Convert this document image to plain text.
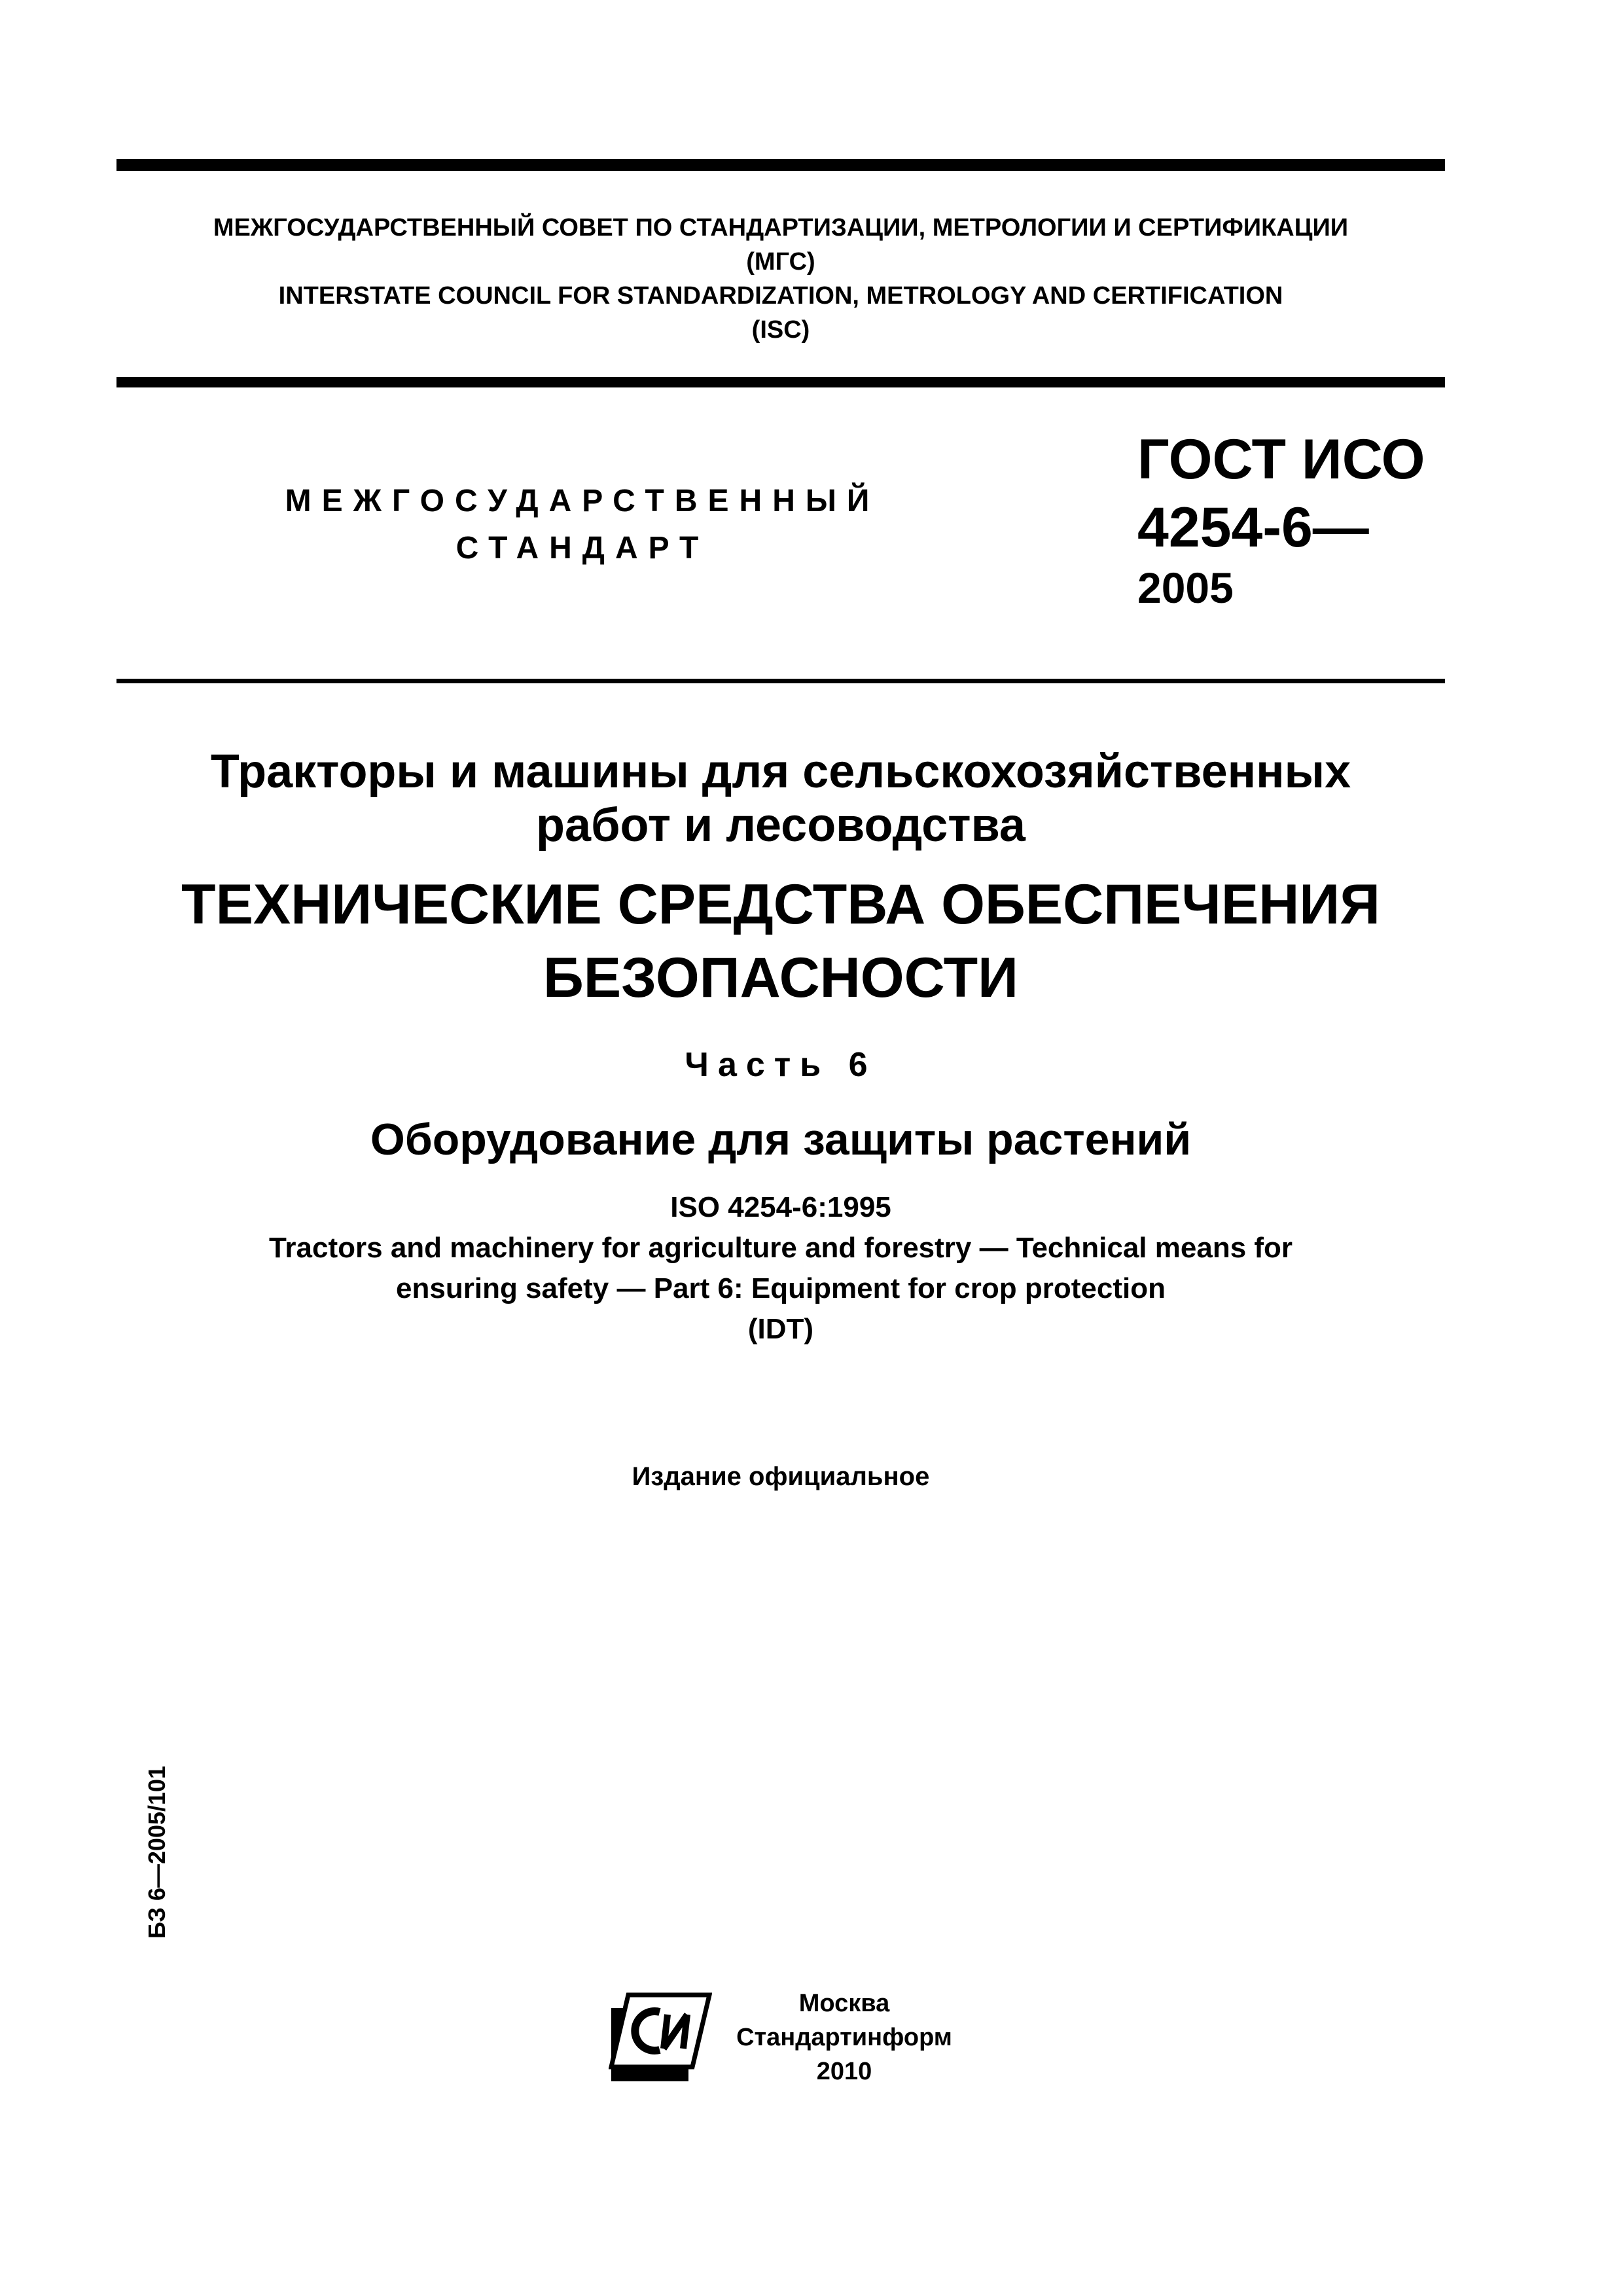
МЕЖГОСУДАРСТВЕННЫЙ СОВЕТ ПО СТАНДАРТИЗАЦИИ, МЕТРОЛОГИИ И СЕРТИФИКАЦИИ
(МГС)
INTERSTATE COUNCIL FOR STANDARDIZATION, METROLOGY AND CERTIFICATION
(ISC)
МЕЖГОСУДАРСТВЕННЫЙ
СТАНДАРТ
ГОСТ ИСО
4254-6—
2005
Тракторы и машины для сельскохозяйственных
работ и лесоводства
ТЕХНИЧЕСКИЕ СРЕДСТВА ОБЕСПЕЧЕНИЯ
БЕЗОПАСНОСТИ
Часть 6
Оборудование для защиты растений
ISO 4254-6:1995
Tractors and machinery for agriculture and forestry — Technical means for
ensuring safety — Part 6: Equipment for crop protection
(IDT)
Издание официальное
БЗ 6—2005/101
Москва
Стандартинформ
2010
